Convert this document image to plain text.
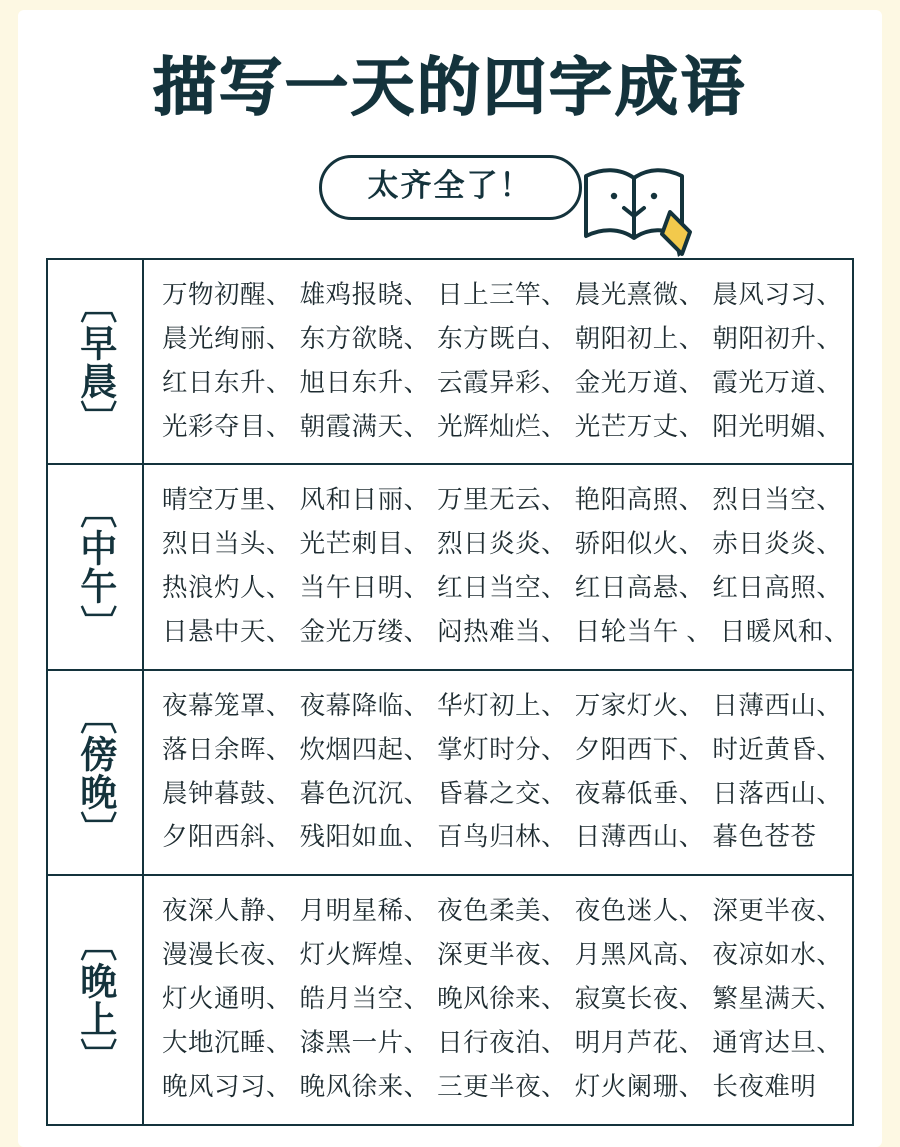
描写一天的四字成语
太齐全了！
〔早晨〕 万物初醒、 雄鸡报晓、 日上三竿、 晨光熹微、 晨风习习、
晨光绚丽、 东方欲晓、 东方既白、 朝阳初上、 朝阳初升、
红日东升、 旭日东升、 云霞异彩、 金光万道、 霞光万道、
光彩夺目、 朝霞满天、 光辉灿烂、 光芒万丈、 阳光明媚、
〔中午〕 晴空万里、 风和日丽、 万里无云、 艳阳高照、 烈日当空、
烈日当头、 光芒刺目、 烈日炎炎、 骄阳似火、 赤日炎炎、
热浪灼人、 当午日明、 红日当空、 红日高悬、 红日高照、
日悬中天、 金光万缕、 闷热难当、 日轮当午 、 日暖风和、
〔傍晚〕 夜幕笼罩、 夜幕降临、 华灯初上、 万家灯火、 日薄西山、
落日余晖、 炊烟四起、 掌灯时分、 夕阳西下、 时近黄昏、
晨钟暮鼓、 暮色沉沉、 昏暮之交、 夜幕低垂、 日落西山、
夕阳西斜、 残阳如血、 百鸟归林、 日薄西山、 暮色苍苍
〔晚上〕
夜深人静、 月明星稀、 夜色柔美、 夜色迷人、 深更半夜、
漫漫长夜、 灯火辉煌、 深更半夜、 月黑风高、 夜凉如水、
灯火通明、 皓月当空、 晚风徐来、 寂寞长夜、 繁星满天、
大地沉睡、 漆黑一片、 日行夜泊、 明月芦花、 通宵达旦、
晚风习习、 晚风徐来、 三更半夜、 灯火阑珊、 长夜难明
